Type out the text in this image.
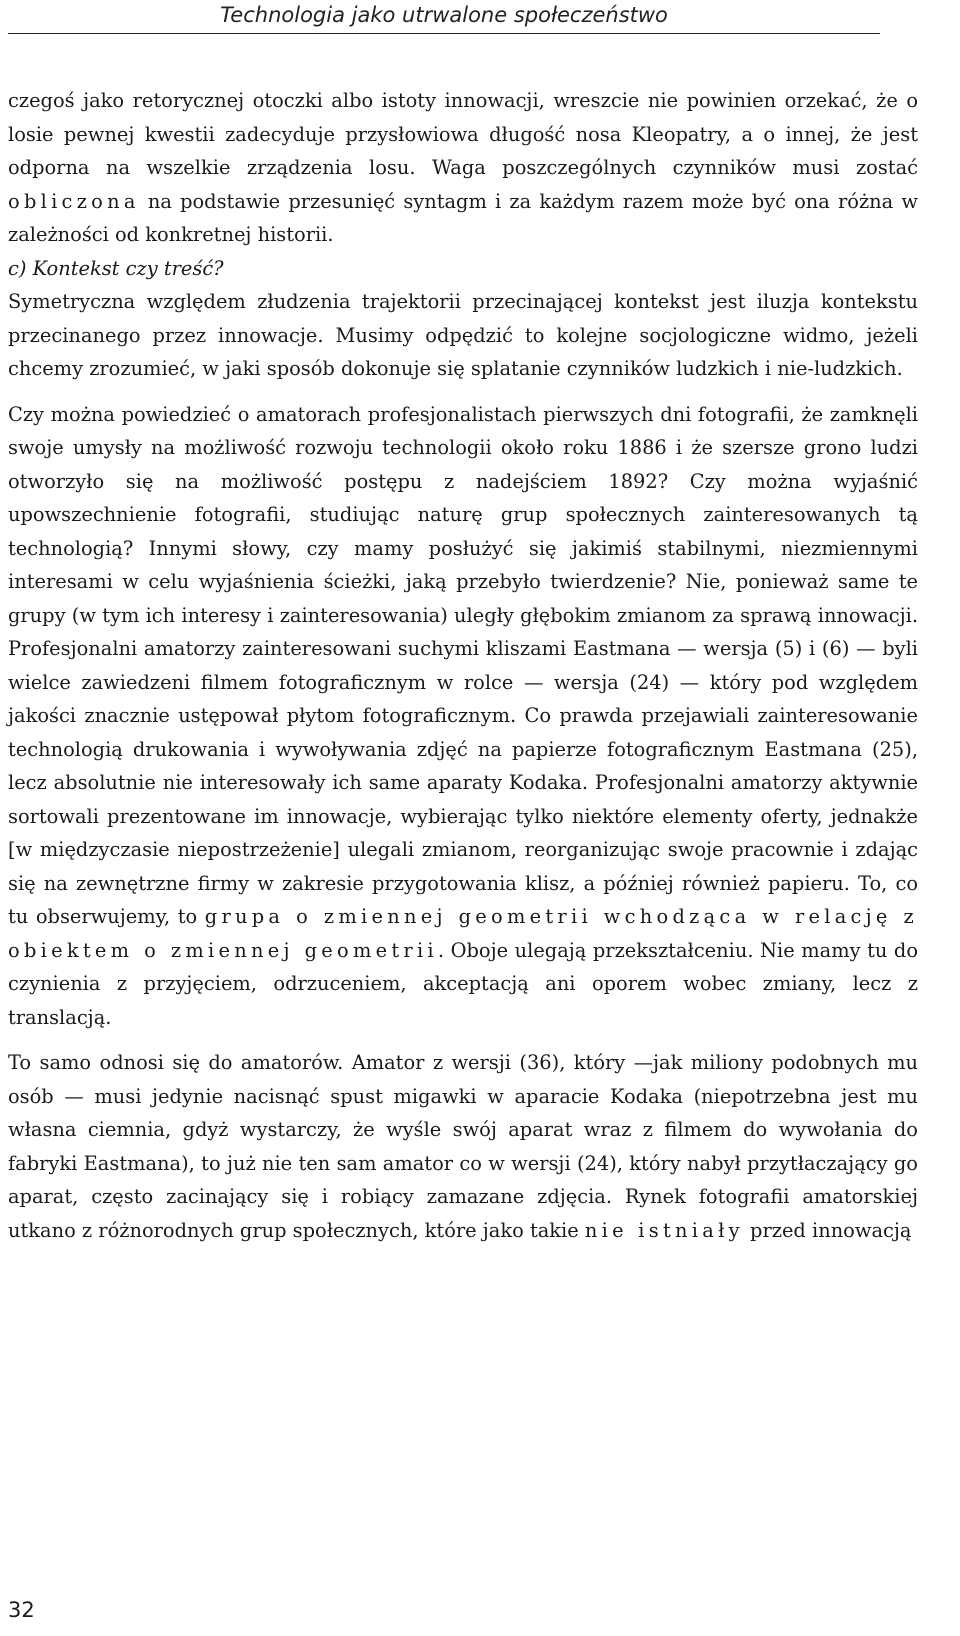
Technologia jako utrwalone społeczeństwo

czegoś jako retorycznej otoczki albo istoty innowacji, wreszcie nie powinien orzekać, że o losie pewnej kwestii zadecyduje przysłowiowa długość nosa Kleopatry, a o innej, że jest odporna na wszelkie zrządzenia losu. Waga poszczególnych czynników musi zostać obliczona na podstawie przesunięć syntagm i za każdym razem może być ona różna w zależności od konkretnej historii.

c) Kontekst czy treść?

Symetryczna względem złudzenia trajektorii przecinającej kontekst jest iluzja kontekstu przecinanego przez innowacje. Musimy odpędzić to kolejne socjologiczne widmo, jeżeli chcemy zrozumieć, w jaki sposób dokonuje się splatanie czynników ludzkich i nie-ludzkich.

Czy można powiedzieć o amatorach profesjonalistach pierwszych dni fotografii, że zamknęli swoje umysły na możliwość rozwoju technologii około roku 1886 i że szersze grono ludzi otworzyło się na możliwość postępu z nadejściem 1892? Czy można wyjaśnić upowszechnienie fotografii, studiując naturę grup społecznych zainteresowanych tą technologią? Innymi słowy, czy mamy posłużyć się jakimiś stabilnymi, niezmiennymi interesami w celu wyjaśnienia ścieżki, jaką przebyło twierdzenie? Nie, ponieważ same te grupy (w tym ich interesy i zainteresowania) uległy głębokim zmianom za sprawą innowacji. Profesjonalni amatorzy zainteresowani suchymi kliszami Eastmana — wersja (5) i (6) — byli wielce zawiedzeni filmem fotograficznym w rolce — wersja (24) — który pod względem jakości znacznie ustępował płytom fotograficznym. Co prawda przejawiali zainteresowanie technologią drukowania i wywoływania zdjęć na papierze fotograficznym Eastmana (25), lecz absolutnie nie interesowały ich same aparaty Kodaka. Profesjonalni amatorzy aktywnie sortowali prezentowane im innowacje, wybierając tylko niektóre elementy oferty, jednakże [w międzyczasie niepostrzeżenie] ulegali zmianom, reorganizując swoje pracownie i zdając się na zewnętrzne firmy w zakresie przygotowania klisz, a później również papieru. To, co tu obserwujemy, to grupa o zmiennej geometrii wchodząca w relację z obiektem o zmiennej geometrii. Oboje ulegają przekształceniu. Nie mamy tu do czynienia z przyjęciem, odrzuceniem, akceptacją ani oporem wobec zmiany, lecz z translacją.

To samo odnosi się do amatorów. Amator z wersji (36), który —jak miliony podobnych mu osób — musi jedynie nacisnąć spust migawki w aparacie Kodaka (niepotrzebna jest mu własna ciemnia, gdyż wystarczy, że wyśle swój aparat wraz z filmem do wywołania do fabryki Eastmana), to już nie ten sam amator co w wersji (24), który nabył przytłaczający go aparat, często zacinający się i robiący zamazane zdjęcia. Rynek fotografii amatorskiej utkano z różnorodnych grup społecznych, które jako takie nie istniały przed innowacją

32
